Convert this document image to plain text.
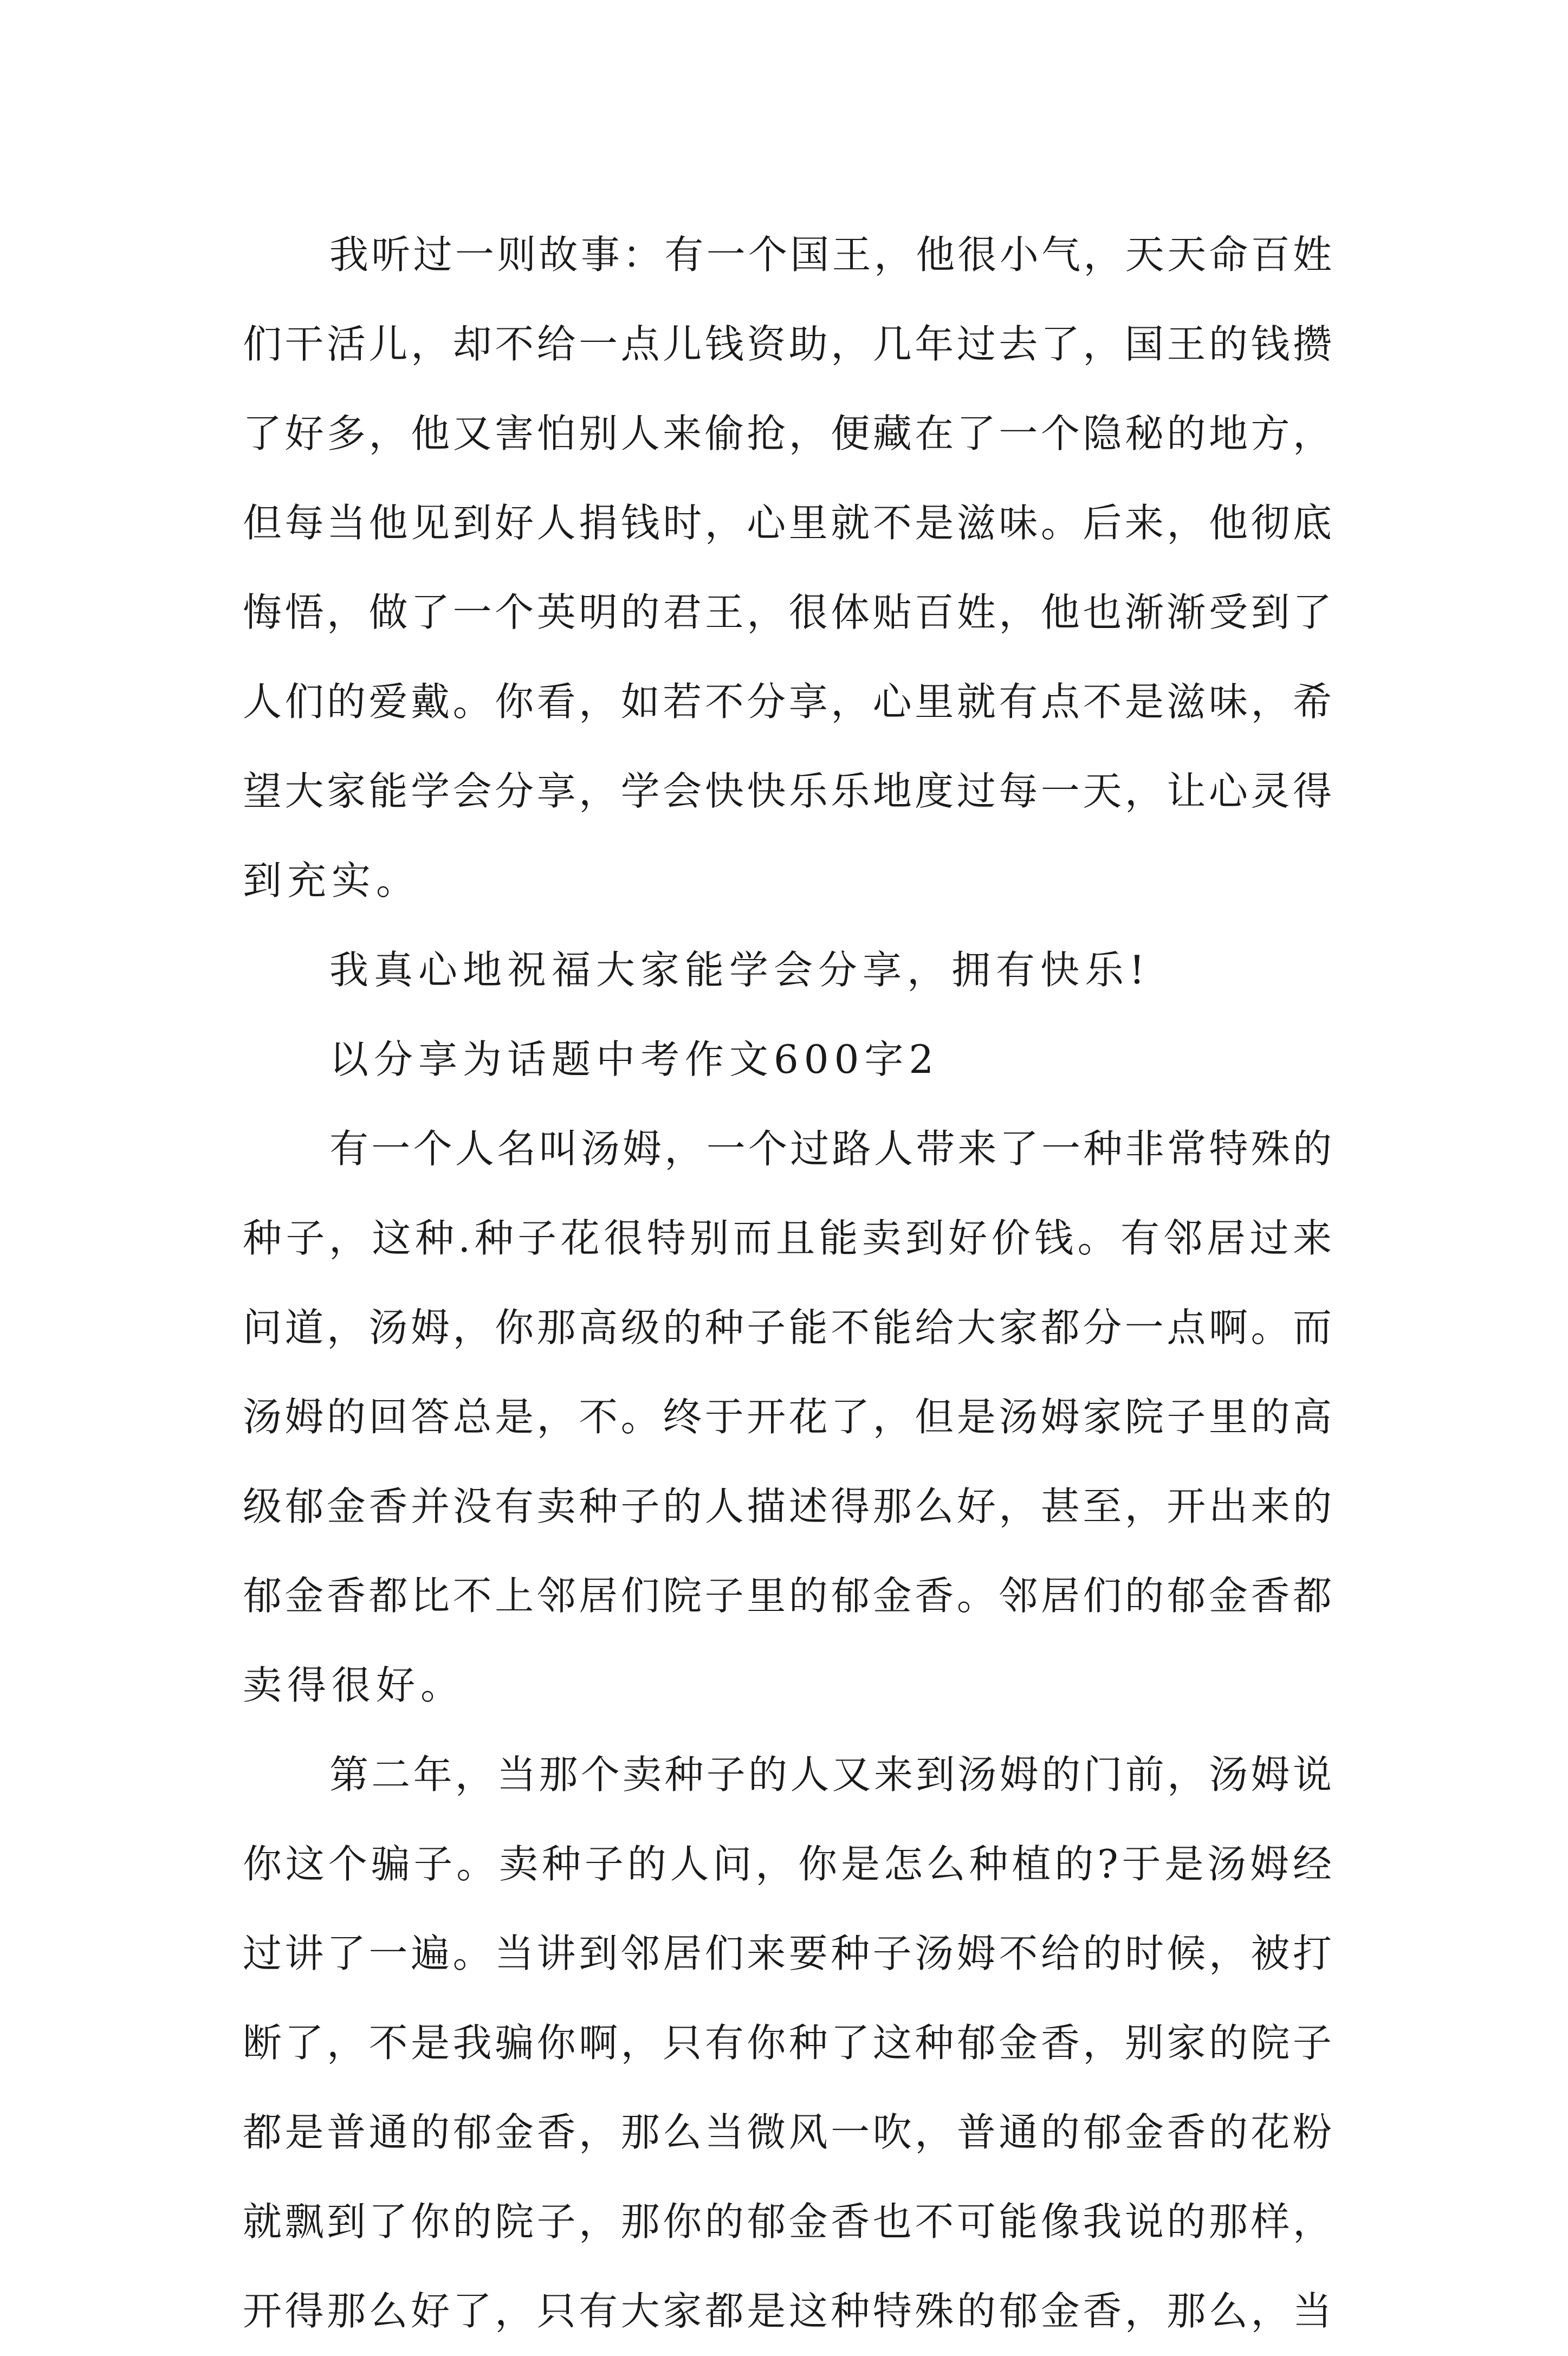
我听过一则故事：有一个国王，他很小气，天天命百姓
们干活儿，却不给一点儿钱资助，几年过去了，国王的钱攒
了好多，他又害怕别人来偷抢，便藏在了一个隐秘的地方，
但每当他见到好人捐钱时，心里就不是滋味。后来，他彻底
悔悟，做了一个英明的君王，很体贴百姓，他也渐渐受到了
人们的爱戴。你看，如若不分享，心里就有点不是滋味，希
望大家能学会分享，学会快快乐乐地度过每一天，让心灵得
到充实。
我真心地祝福大家能学会分享，拥有快乐!
以分享为话题中考作文600字2
有一个人名叫汤姆，一个过路人带来了一种非常特殊的
种子，这种.种子花很特别而且能卖到好价钱。有邻居过来
问道，汤姆，你那高级的种子能不能给大家都分一点啊。而
汤姆的回答总是，不。终于开花了，但是汤姆家院子里的高
级郁金香并没有卖种子的人描述得那么好，甚至，开出来的
郁金香都比不上邻居们院子里的郁金香。邻居们的郁金香都
卖得很好。
第二年，当那个卖种子的人又来到汤姆的门前，汤姆说
你这个骗子。卖种子的人问，你是怎么种植的?于是汤姆经
过讲了一遍。当讲到邻居们来要种子汤姆不给的时候，被打
断了，不是我骗你啊，只有你种了这种郁金香，别家的院子
都是普通的郁金香，那么当微风一吹，普通的郁金香的花粉
就飘到了你的院子，那你的郁金香也不可能像我说的那样，
开得那么好了，只有大家都是这种特殊的郁金香，那么，当
